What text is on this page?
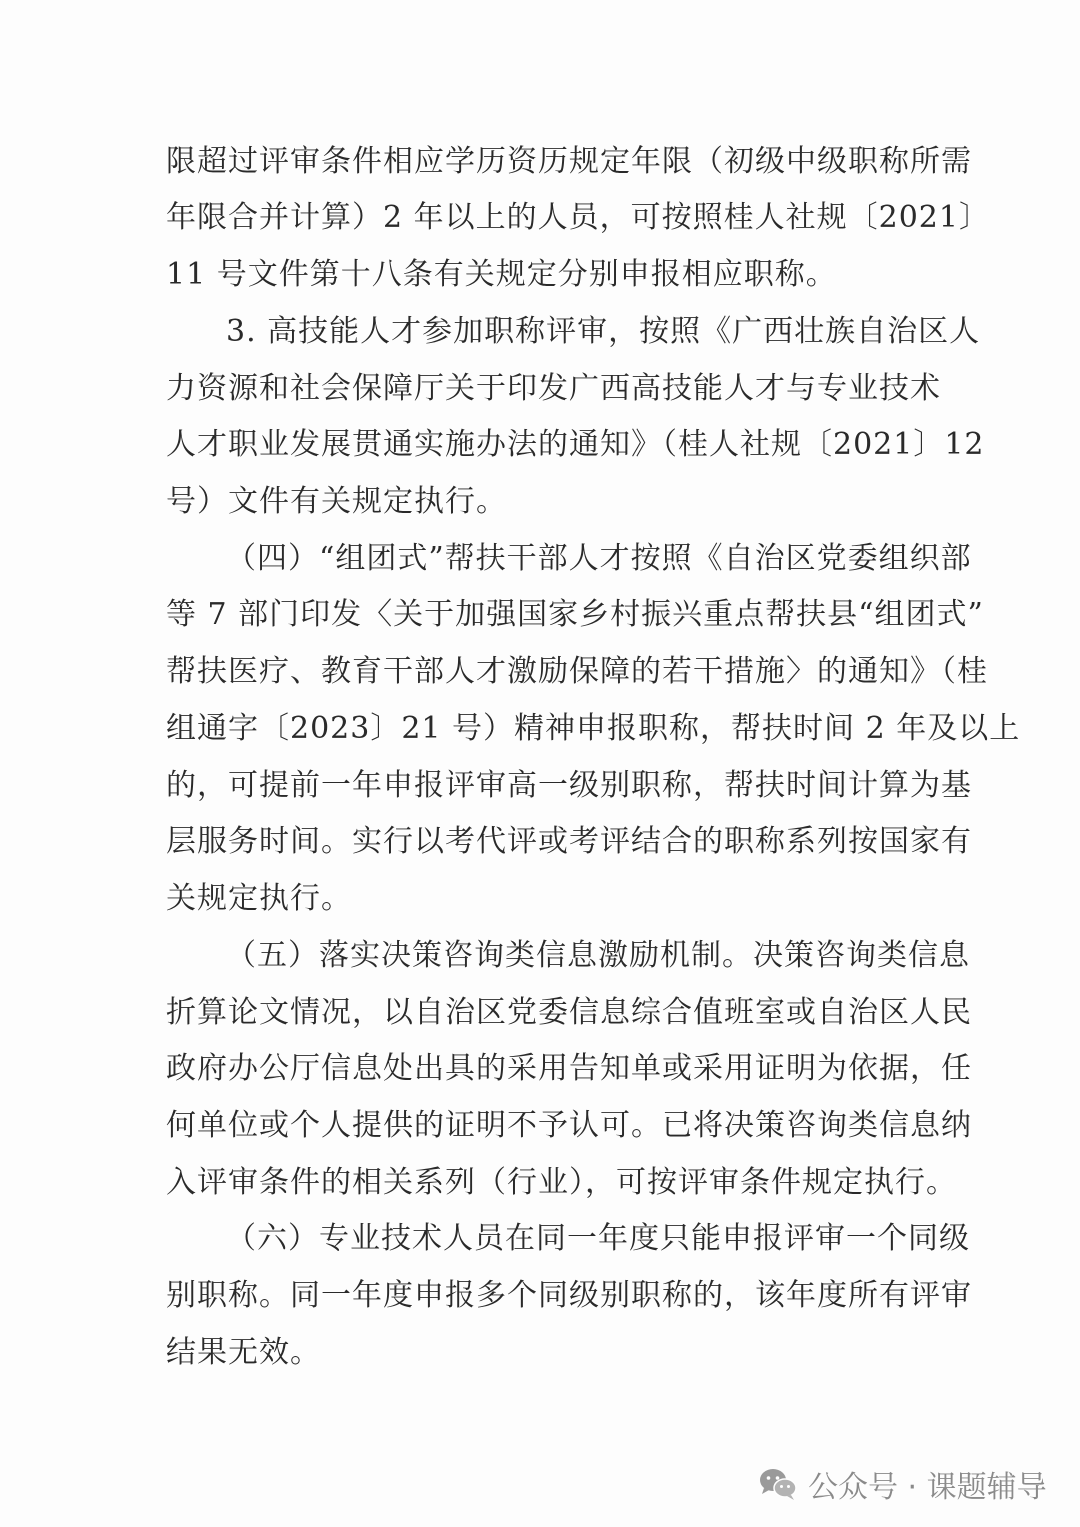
限超过评审条件相应学历资历规定年限（初级中级职称所需
年限合并计算）2 年以上的人员，可按照桂人社规〔2021〕
11 号文件第十八条有关规定分别申报相应职称。
3. 高技能人才参加职称评审，按照《广西壮族自治区人
力资源和社会保障厅关于印发广西高技能人才与专业技术
人才职业发展贯通实施办法的通知》（桂人社规〔2021〕12
号）文件有关规定执行。
（四）“组团式”帮扶干部人才按照《自治区党委组织部
等 7 部门印发〈关于加强国家乡村振兴重点帮扶县“组团式”
帮扶医疗、教育干部人才激励保障的若干措施〉的通知》（桂
组通字〔2023〕21 号）精神申报职称，帮扶时间 2 年及以上
的，可提前一年申报评审高一级别职称，帮扶时间计算为基
层服务时间。实行以考代评或考评结合的职称系列按国家有
关规定执行。
（五）落实决策咨询类信息激励机制。决策咨询类信息
折算论文情况，以自治区党委信息综合值班室或自治区人民
政府办公厅信息处出具的采用告知单或采用证明为依据，任
何单位或个人提供的证明不予认可。已将决策咨询类信息纳
入评审条件的相关系列（行业），可按评审条件规定执行。
（六）专业技术人员在同一年度只能申报评审一个同级
别职称。同一年度申报多个同级别职称的，该年度所有评审
结果无效。
公众号 · 课题辅导
